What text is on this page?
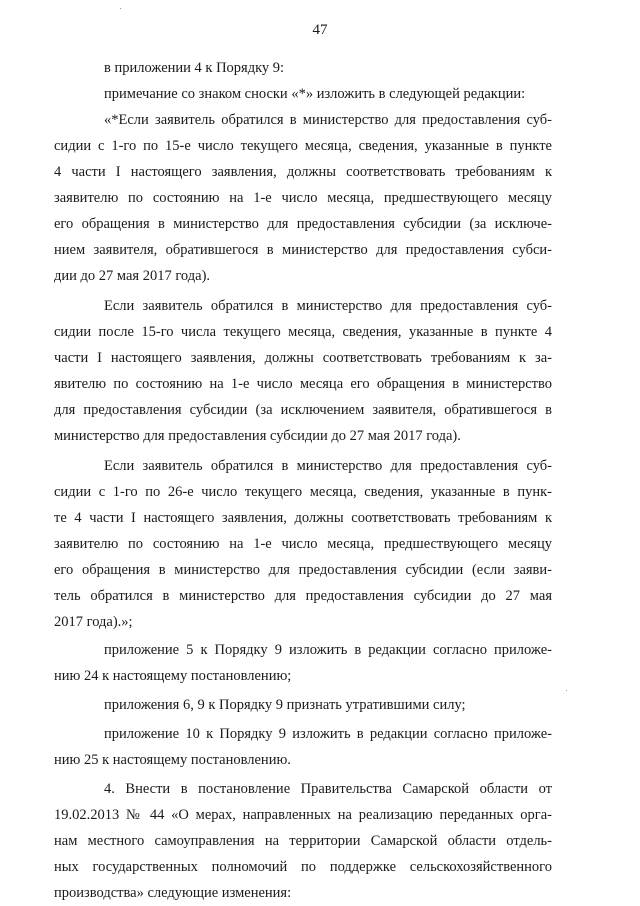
47
в приложении 4 к Порядку 9:
примечание со знаком сноски «*» изложить в следующей редакции:
«*Если заявитель обратился в министерство для предоставления суб-
сидии с 1-го по 15-е число текущего месяца, сведения, указанные в пункте
4 части I настоящего заявления, должны соответствовать требованиям к
заявителю по состоянию на 1-е число месяца, предшествующего месяцу
его обращения в министерство для предоставления субсидии (за исключе-
нием заявителя, обратившегося в министерство для предоставления субси-
дии до 27 мая 2017 года).
Если заявитель обратился в министерство для предоставления суб-
сидии после 15-го числа текущего месяца, сведения, указанные в пункте 4
части I настоящего заявления, должны соответствовать требованиям к за-
явителю по состоянию на 1-е число месяца его обращения в министерство
для предоставления субсидии (за исключением заявителя, обратившегося в
министерство для предоставления субсидии до 27 мая 2017 года).
Если заявитель обратился в министерство для предоставления суб-
сидии с 1-го по 26-е число текущего месяца, сведения, указанные в пунк-
те 4 части I настоящего заявления, должны соответствовать требованиям к
заявителю по состоянию на 1-е число месяца, предшествующего месяцу
его обращения в министерство для предоставления субсидии (если заяви-
тель обратился в министерство для предоставления субсидии до 27 мая
2017 года).»;
приложение 5 к Порядку 9 изложить в редакции согласно приложе-
нию 24 к настоящему постановлению;
приложения 6, 9 к Порядку 9 признать утратившими силу;
приложение 10 к Порядку 9 изложить в редакции согласно приложе-
нию 25 к настоящему постановлению.
4. Внести в постановление Правительства Самарской области от
19.02.2013 № 44 «О мерах, направленных на реализацию переданных орга-
нам местного самоуправления на территории Самарской области отдель-
ных государственных полномочий по поддержке сельскохозяйственного
производства» следующие изменения:
